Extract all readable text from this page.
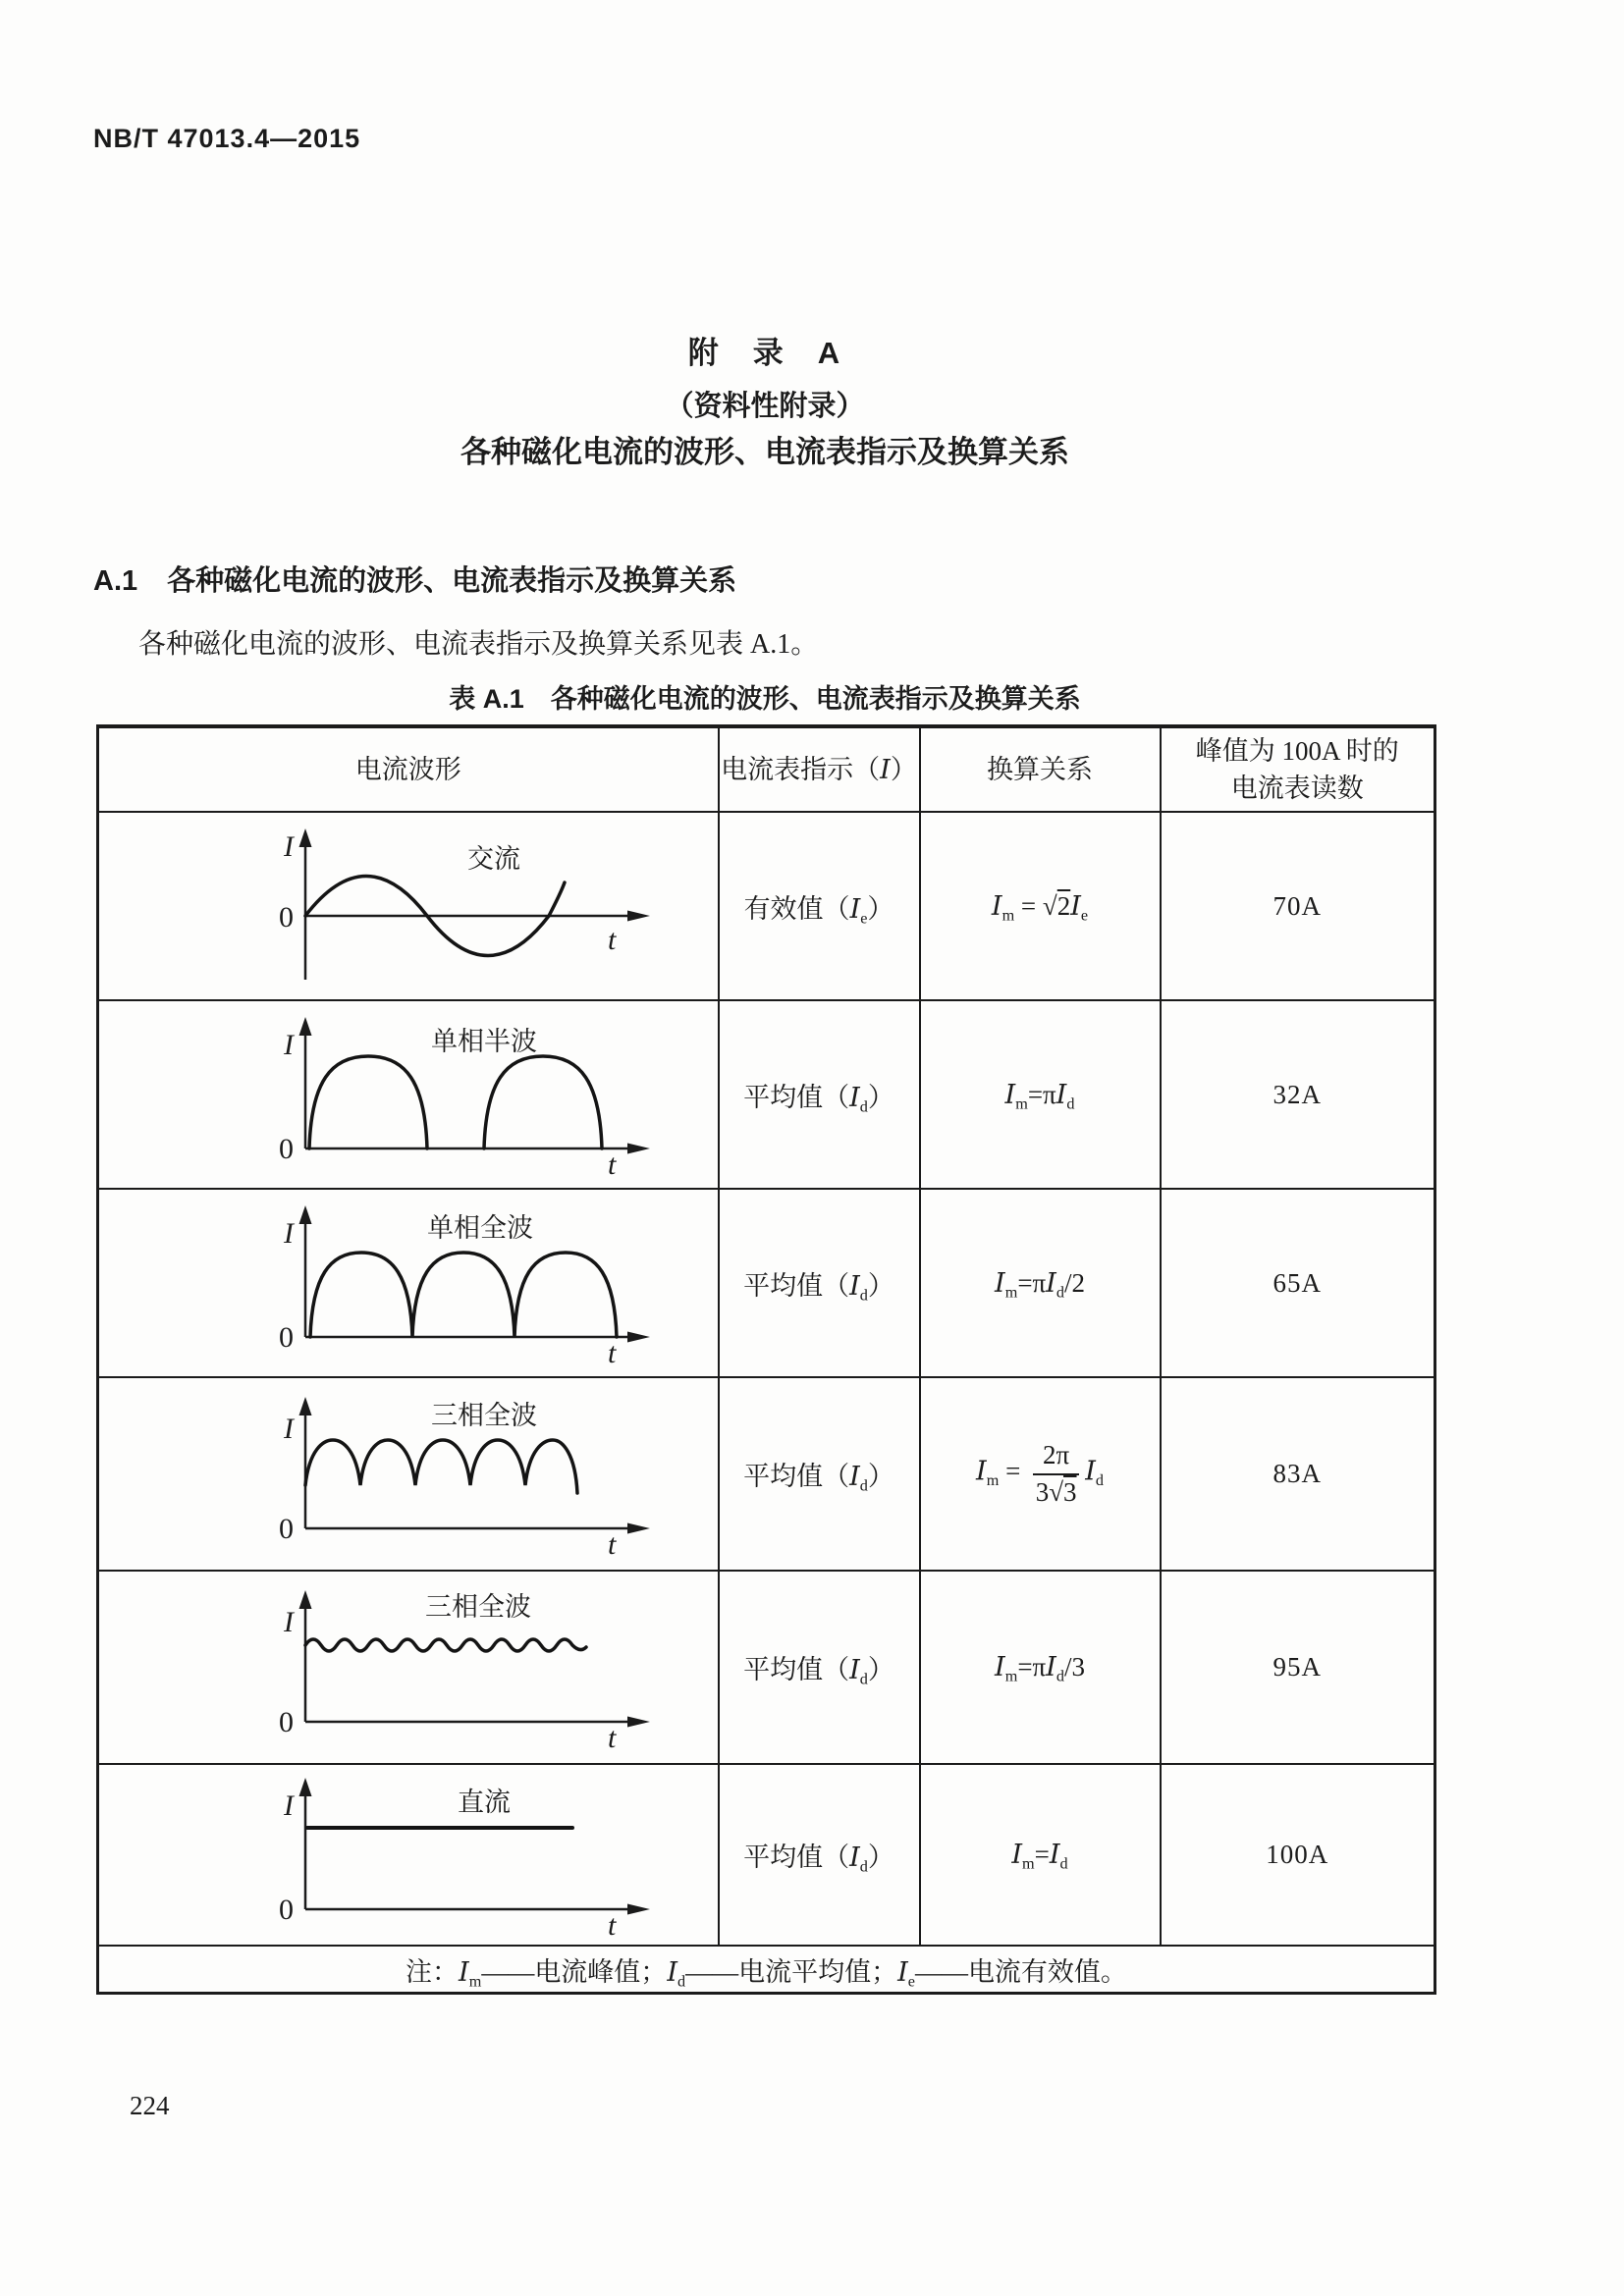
NB/T 47013.4—2015
附　录　A
（资料性附录）
各种磁化电流的波形、电流表指示及换算关系
A.1 各种磁化电流的波形、电流表指示及换算关系
各种磁化电流的波形、电流表指示及换算关系见表 A.1。
表 A.1　各种磁化电流的波形、电流表指示及换算关系
电流波形	电流表指示（I）	换算关系	峰值为 100A 时的
电流表读数

I
0
t
交流	有效值$(I_e)$	$I_m = √2I_e$	70A

I
0 t
单相半波	平均值$(I_d)$	$I_m=\pi I_d$	32A

I
0 t
单相全波	平均值$(I_d)$	$I_m=\pi I_d/2$	65A

I
0 t
三相全波	平均值$(I_d)$	$I_m = \frac{2\pi}{3√3} I_d$	83A

I
0 t
三相全波	平均值$(I_d)$	$I_m=\pi I_d/3$	95A

I
0 t
直流	平均值$(I_d)$	$I_m=I_d$	100A
注：$I_m——$电流峰值；$I_d——$电流平均值；$I_e——$电流有效值。			
224
